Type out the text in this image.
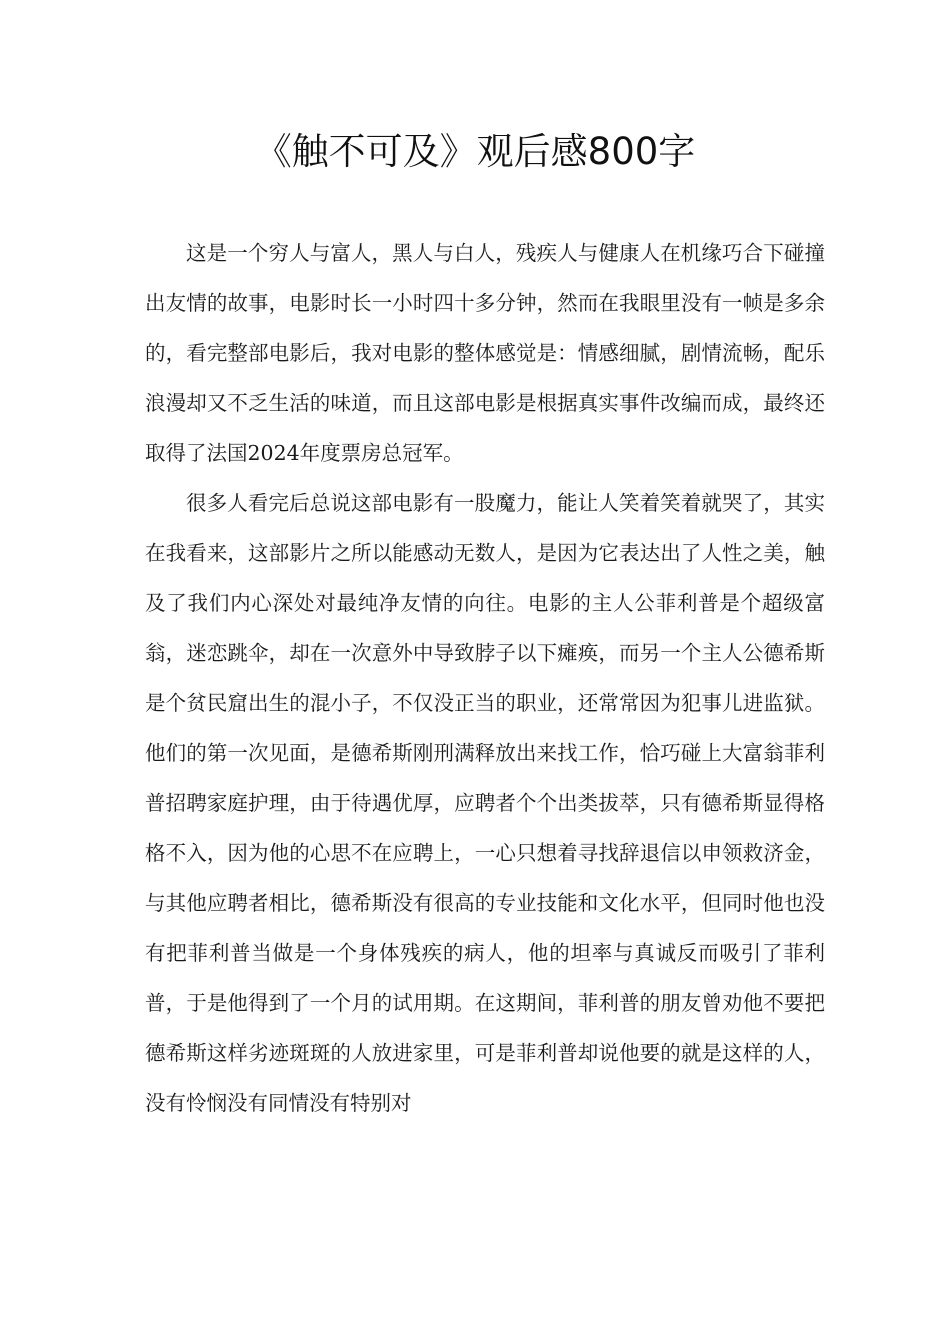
《触不可及》观后感800字

这是一个穷人与富人，黑人与白人，残疾人与健康人在机缘巧合下碰撞出友情的故事，电影时长一小时四十多分钟，然而在我眼里没有一帧是多余的，看完整部电影后，我对电影的整体感觉是：情感细腻，剧情流畅，配乐浪漫却又不乏生活的味道，而且这部电影是根据真实事件改编而成，最终还取得了法国2024年度票房总冠军。

很多人看完后总说这部电影有一股魔力，能让人笑着笑着就哭了，其实在我看来，这部影片之所以能感动无数人，是因为它表达出了人性之美，触及了我们内心深处对最纯净友情的向往。电影的主人公菲利普是个超级富翁，迷恋跳伞，却在一次意外中导致脖子以下瘫痪，而另一个主人公德希斯是个贫民窟出生的混小子，不仅没正当的职业，还常常因为犯事儿进监狱。他们的第一次见面，是德希斯刚刑满释放出来找工作，恰巧碰上大富翁菲利普招聘家庭护理，由于待遇优厚，应聘者个个出类拔萃，只有德希斯显得格格不入，因为他的心思不在应聘上，一心只想着寻找辞退信以申领救济金，与其他应聘者相比，德希斯没有很高的专业技能和文化水平，但同时他也没有把菲利普当做是一个身体残疾的病人，他的坦率与真诚反而吸引了菲利普，于是他得到了一个月的试用期。在这期间，菲利普的朋友曾劝他不要把德希斯这样劣迹斑斑的人放进家里，可是菲利普却说他要的就是这样的人，没有怜悯没有同情没有特别对
